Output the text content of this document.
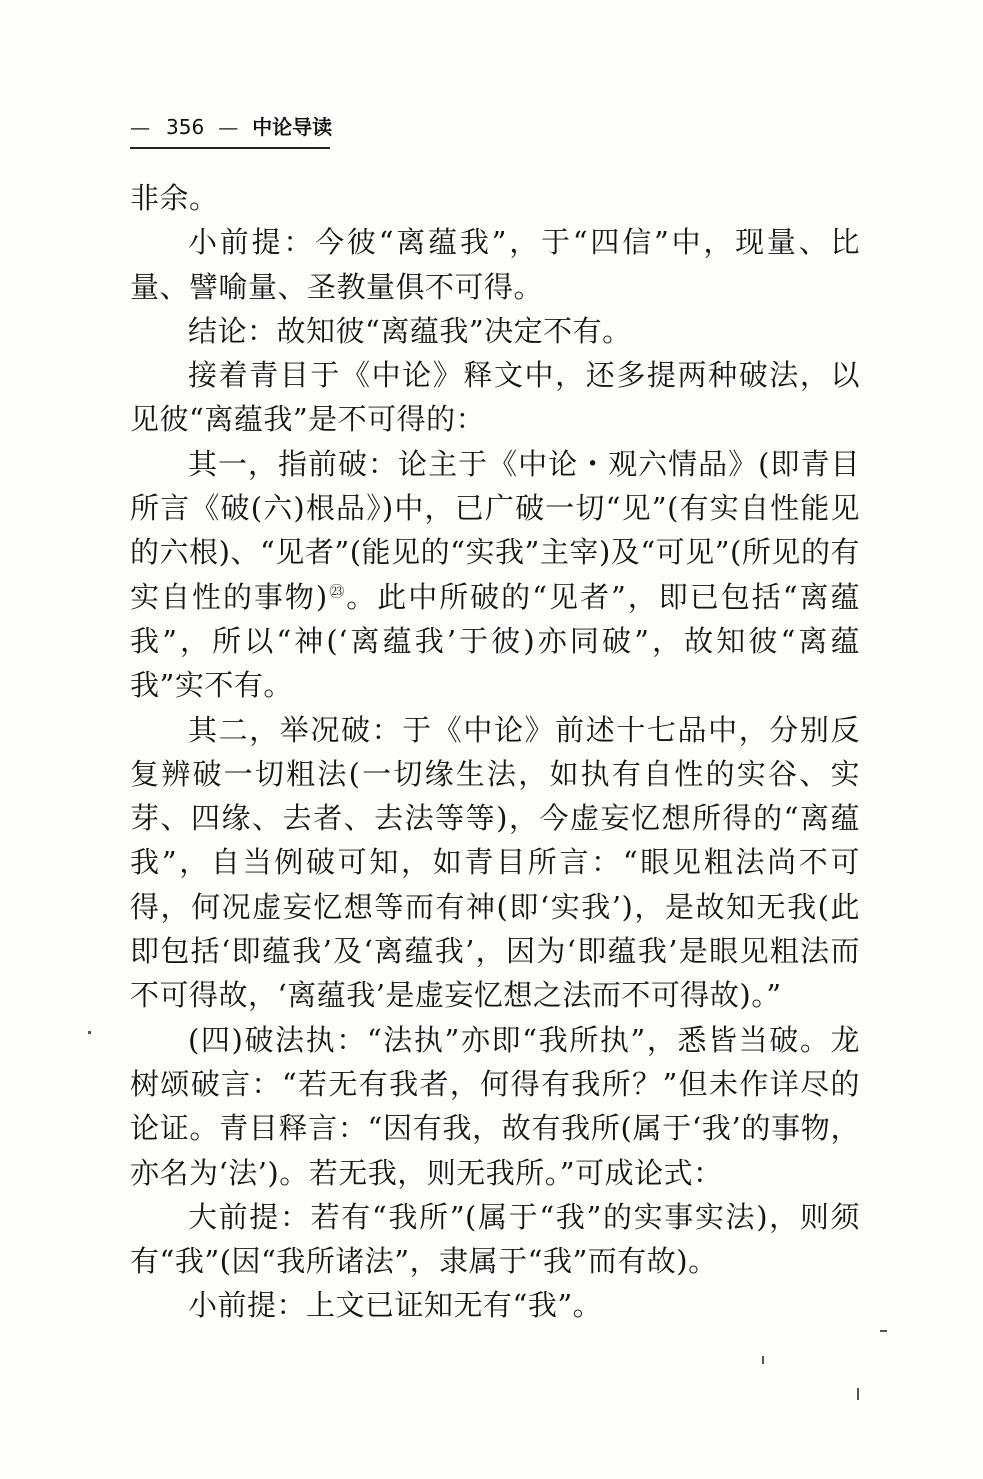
— 356 — 中论导读

非余。

小前提：今彼“离蕴我”，于“四信”中，现量、比量、譬喻量、圣教量俱不可得。

结论：故知彼“离蕴我”决定不有。

接着青目于《中论》释文中，还多提两种破法，以见彼“离蕴我”是不可得的：

其一，指前破：论主于《中论・观六情品》(即青目所言《破(六)根品》)中，已广破一切“见”(有实自性能见的六根)、“见者”(能见的“实我”主宰)及“可见”(所见的有实自性的事物)$^㉓$。此中所破的“见者”，即已包括“离蕴我”，所以“神(‘离蕴我’于彼)亦同破”，故知彼“离蕴我”实不有。

其二，举况破：于《中论》前述十七品中，分别反复辨破一切粗法(一切缘生法，如执有自性的实谷、实芽、四缘、去者、去法等等)，今虚妄忆想所得的“离蕴我”，自当例破可知，如青目所言：“眼见粗法尚不可得，何况虚妄忆想等而有神(即‘实我’)，是故知无我(此即包括‘即蕴我’及‘离蕴我’，因为‘即蕴我’是眼见粗法而不可得故，‘离蕴我’是虚妄忆想之法而不可得故)。”

(四)破法执：“法执”亦即“我所执”，悉皆当破。龙树颂破言：“若无有我者，何得有我所？”但未作详尽的论证。青目释言：“因有我，故有我所(属于‘我’的事物，亦名为‘法’)。若无我，则无我所。”可成论式：

大前提：若有“我所”(属于“我”的实事实法)，则须有“我”(因“我所诸法”，隶属于“我”而有故)。

小前提：上文已证知无有“我”。
